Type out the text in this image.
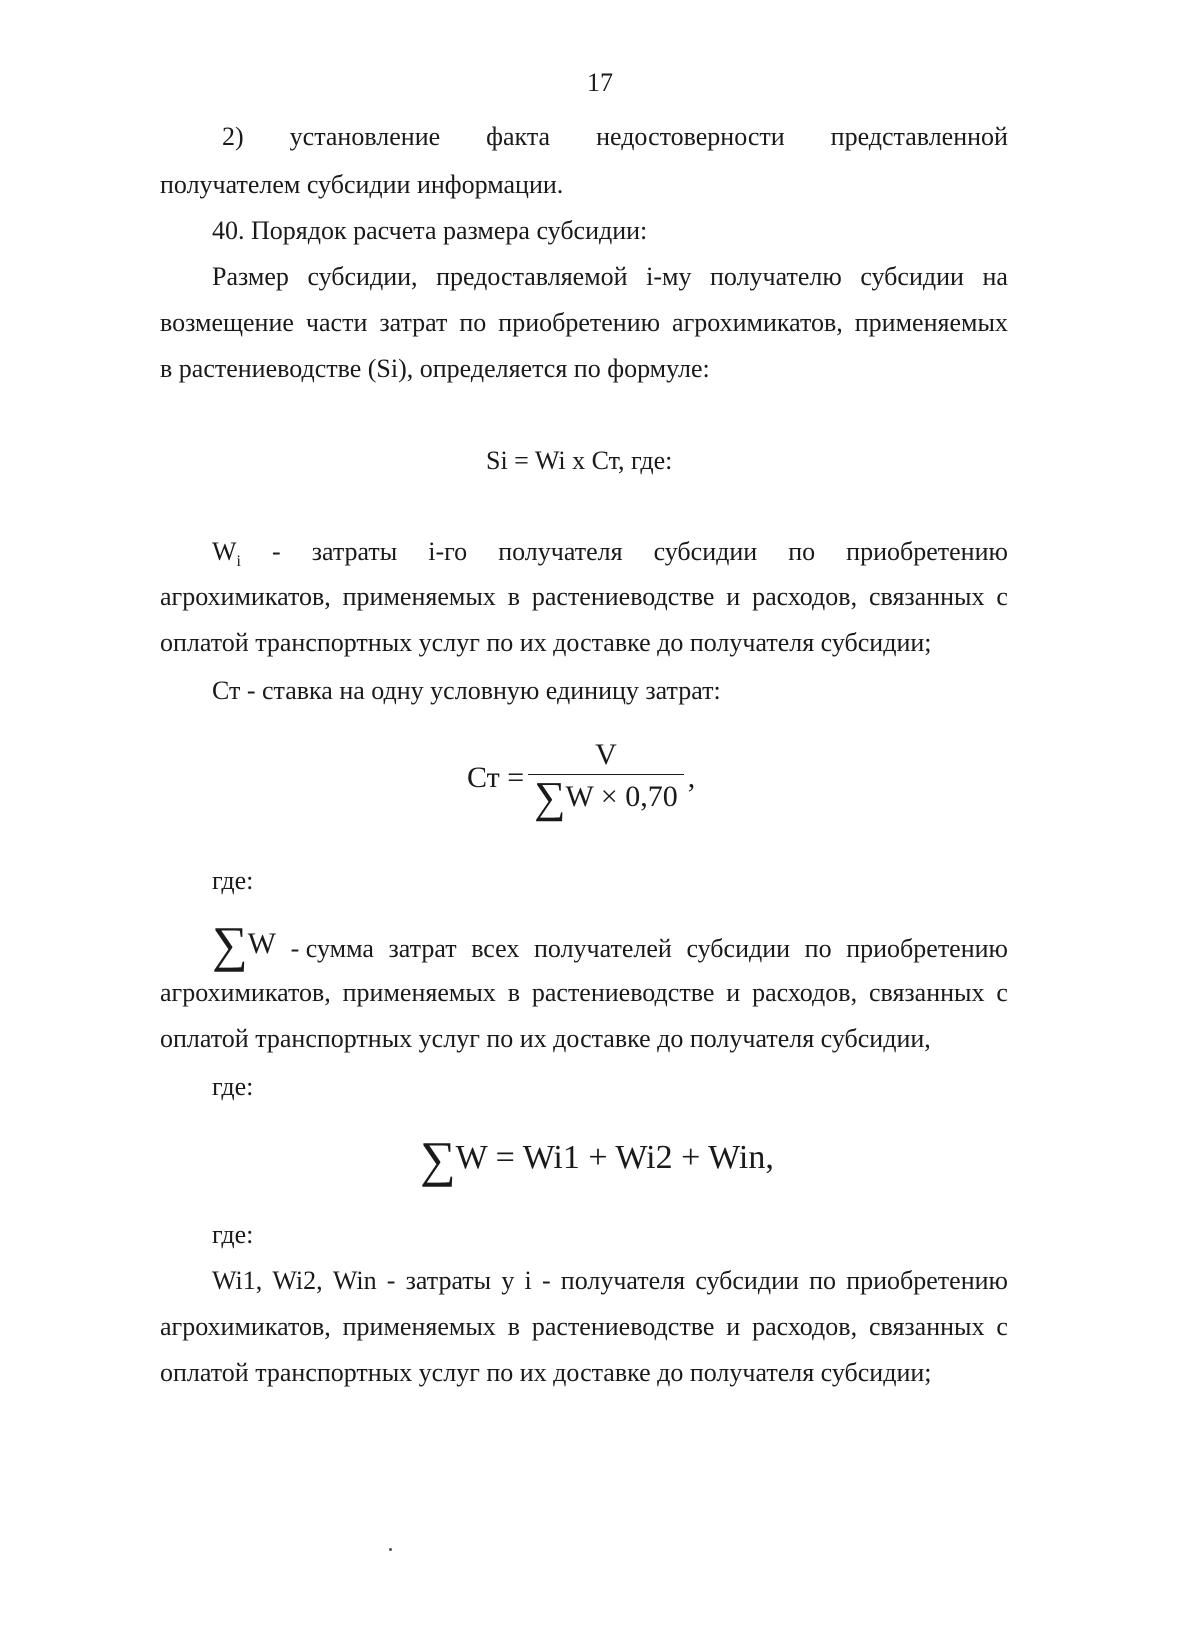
17
2) установление факта недостоверности представленной
получателем субсидии информации.
40. Порядок расчета размера субсидии:
Размер субсидии, предоставляемой i-му получателю субсидии на
возмещение части затрат по приобретению агрохимикатов, применяемых
в растениеводстве (Si), определяется по формуле:
Si = Wi x Ст, где:
$W_i$ - затраты i-го получателя субсидии по приобретению
агрохимикатов, применяемых в растениеводстве и расходов, связанных с
оплатой транспортных услуг по их доставке до получателя субсидии;
Ст - ставка на одну условную единицу затрат:
Ст = $\frac{V}{\sum W \times 0,70}$ ,
где:
∑W - сумма затрат всех получателей субсидии по приобретению
агрохимикатов, применяемых в растениеводстве и расходов, связанных с
оплатой транспортных услуг по их доставке до получателя субсидии,
где:
∑W = Wi1 + Wi2 + Win,
где:
Wi1, Wi2, Win - затраты у i - получателя субсидии по приобретению
агрохимикатов, применяемых в растениеводстве и расходов, связанных с
оплатой транспортных услуг по их доставке до получателя субсидии;
